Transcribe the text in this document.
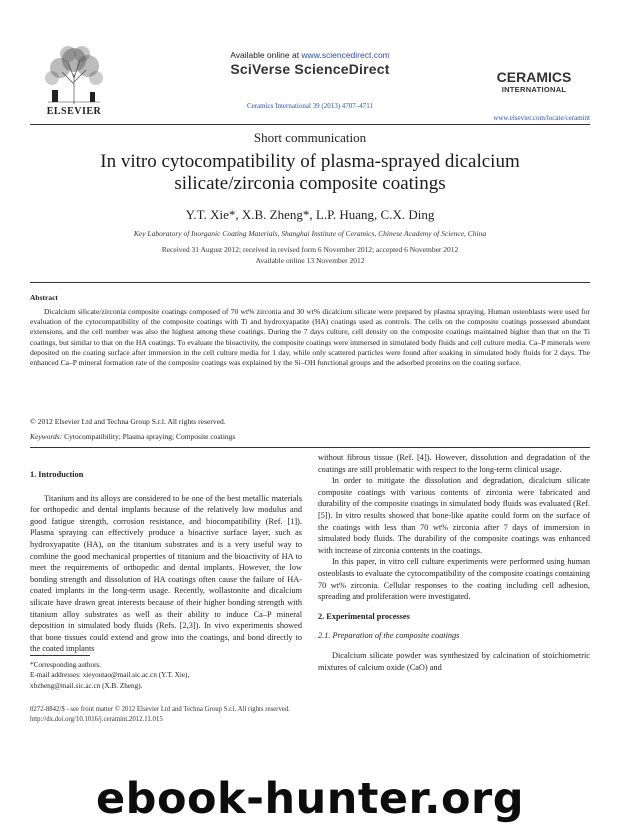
ELSEVIER
Available online at www.sciencedirect.com
SciVerse ScienceDirect
Ceramics International 39 (2013) 4707–4711
CERAMICS
INTERNATIONAL
www.elsevier.com/locate/ceramint
Short communication
In vitro cytocompatibility of plasma-sprayed dicalcium silicate/zirconia composite coatings
Y.T. Xie*, X.B. Zheng*, L.P. Huang, C.X. Ding
Key Laboratory of Inorganic Coating Materials, Shanghai Institute of Ceramics, Chinese Academy of Science, China
Received 31 August 2012; received in revised form 6 November 2012; accepted 6 November 2012
Available online 13 November 2012
Abstract

Dicalcium silicate/zirconia composite coatings composed of 70 wt% zirconia and 30 wt% dicalcium silicate were prepared by plasma spraying. Human osteoblasts were used for evaluation of the cytocompatibility of the composite coatings with Ti and hydroxyapatite (HA) coatings used as controls. The cells on the composite coatings possessed abundant extensions, and the cell number was also the highest among these coatings. During the 7 days culture, cell density on the composite coatings maintained higher than that on the Ti coatings, but similar to that on the HA coatings. To evaluate the bioactivity, the composite coatings were immersed in simulated body fluids and cell culture media. Ca–P minerals were deposited on the coating surface after immersion in the cell culture media for 1 day, while only scattered particles were found after soaking in simulated body fluids for 2 days. The enhanced Ca–P mineral formation rate of the composite coatings was explained by the Si–OH functional groups and the adsorbed proteins on the coating surface.

© 2012 Elsevier Ltd and Techna Group S.r.l. All rights reserved.
Keywords: Cytocompatibility; Plasma spraying; Composite coatings

1. Introduction

Titanium and its alloys are considered to be one of the best metallic materials for orthopedic and dental implants because of the relatively low modulus and good fatigue strength, corrosion resistance, and biocompatibility (Ref. [1]). Plasma spraying can effectively produce a bioactive surface layer, such as hydroxyapatite (HA), on the titanium substrates and is a very useful way to combine the good mechanical properties of titanium and the bioactivity of HA to meet the requirements of orthopedic and dental implants. However, the low bonding strength and dissolution of HA coatings often cause the failure of HA-coated implants in the long-term usage. Recently, wollastonite and dicalcium silicate have drawn great interests because of their higher bonding strength with titanium alloy substrates as well as their ability to induce Ca–P mineral deposition in simulated body fluids (Refs. [2,3]). In vivo experiments showed that bone tissues could extend and grow into the coatings, and bond directly to the coated implants

without fibrous tissue (Ref. [4]). However, dissolution and degradation of the coatings are still problematic with respect to the long-term clinical usage.

In order to mitigate the dissolution and degradation, dicalcium silicate composite coatings with various contents of zirconia were fabricated and durability of the composite coatings in simulated body fluids was evaluated (Ref. [5]). In vitro results showed that bone-like apatite could form on the surface of the coatings with less than 70 wt% zirconia after 7 days of immersion in simulated body fluids. The durability of the composite coatings was enhanced with increase of zirconia contents in the coatings.

In this paper, in vitro cell culture experiments were performed using human osteoblasts to evaluate the cytocompatibility of the composite coatings containing 70 wt% zirconia. Cellular responses to the coating including cell adhesion, spreading and proliferation were investigated.

2. Experimental processes

2.1. Preparation of the composite coatings

Dicalcium silicate powder was synthesized by calcination of stoichiometric mixtures of calcium oxide (CaO) and

*Corresponding authors.
E-mail addresses: xieyoutao@mail.sic.ac.cn (Y.T. Xie),
xbzheng@mail.sic.ac.cn (X.B. Zheng).
0272-8842/$ - see front matter © 2012 Elsevier Ltd and Techna Group S.r.l. All rights reserved.
http://dx.doi.org/10.1016/j.ceramint.2012.11.015
ebook-hunter.org
